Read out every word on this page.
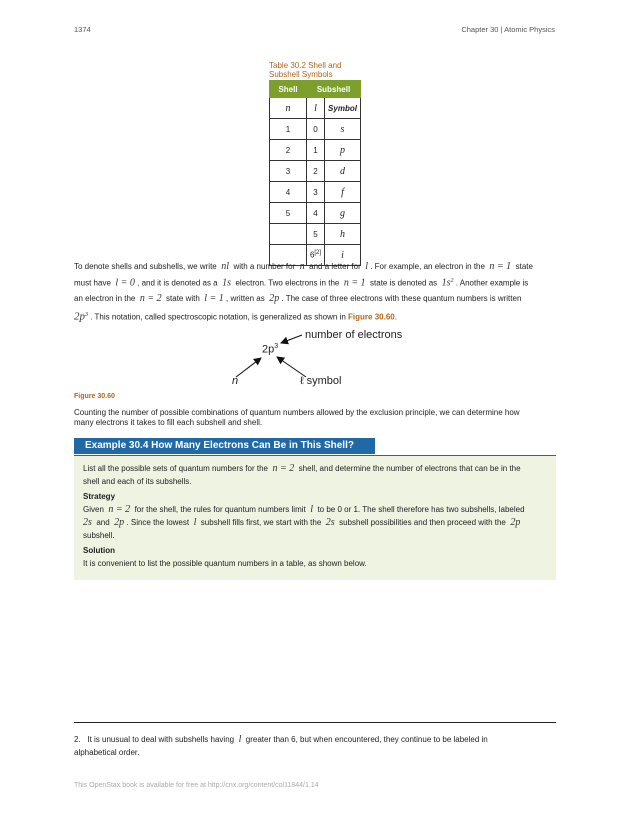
1374	Chapter 30 | Atomic Physics
Table 30.2 Shell and Subshell Symbols
Shell	Subshell	
n	l	Symbol
1	0	s
2	1	p
3	2	d
4	3	f
5	4	g
	5	h
	6[2]	i

To denote shells and subshells, we write nl with a number for n and a letter for l . For example, an electron in the n = 1 state

must have l = 0 , and it is denoted as a 1s electron. Two electrons in the n = 1 state is denoted as $1s^2$ . Another example is

an electron in the n = 2 state with l = 1 , written as 2p . The case of three electrons with these quantum numbers is written

$2p^3$ . This notation, called spectroscopic notation, is generalized as shown in Figure 30.60.

$2p^3$
number of electrons
n	ℓ symbol
Figure 30.60
Counting the number of possible combinations of quantum numbers allowed by the exclusion principle, we can determine how
many electrons it takes to fill each subshell and shell.
Example 30.4 How Many Electrons Can Be in This Shell?

List all the possible sets of quantum numbers for the n = 2 shell, and determine the number of electrons that can be in the

shell and each of its subshells.

Strategy

Given n = 2 for the shell, the rules for quantum numbers limit l to be 0 or 1. The shell therefore has two subshells, labeled

2s and 2p . Since the lowest l subshell fills first, we start with the 2s subshell possibilities and then proceed with the 2p

subshell.

Solution

It is convenient to list the possible quantum numbers in a table, as shown below.

2. It is unusual to deal with subshells having l greater than 6, but when encountered, they continue to be labeled in
alphabetical order.
This OpenStax book is available for free at http://cnx.org/content/col11844/1.14
